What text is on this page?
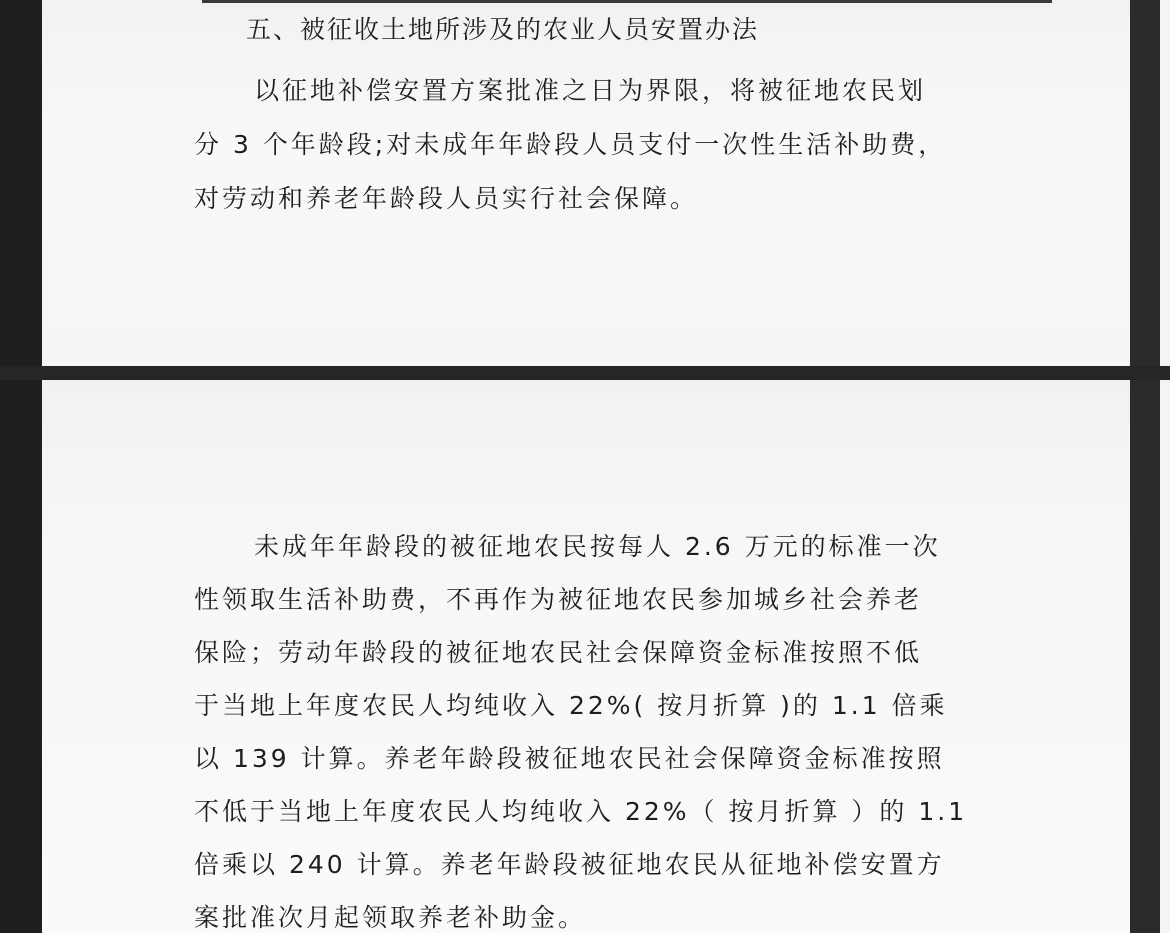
五、被征收土地所涉及的农业人员安置办法

以征地补偿安置方案批准之日为界限，将被征地农民划
分 3 个年龄段;对未成年年龄段人员支付一次性生活补助费，
对劳动和养老年龄段人员实行社会保障。

未成年年龄段的被征地农民按每人 2.6 万元的标准一次
性领取生活补助费，不再作为被征地农民参加城乡社会养老
保险；劳动年龄段的被征地农民社会保障资金标准按照不低
于当地上年度农民人均纯收入 22%( 按月折算 )的 1.1 倍乘
以 139 计算。养老年龄段被征地农民社会保障资金标准按照
不低于当地上年度农民人均纯收入 22%（ 按月折算 ）的 1.1
倍乘以 240 计算。养老年龄段被征地农民从征地补偿安置方
案批准次月起领取养老补助金。
